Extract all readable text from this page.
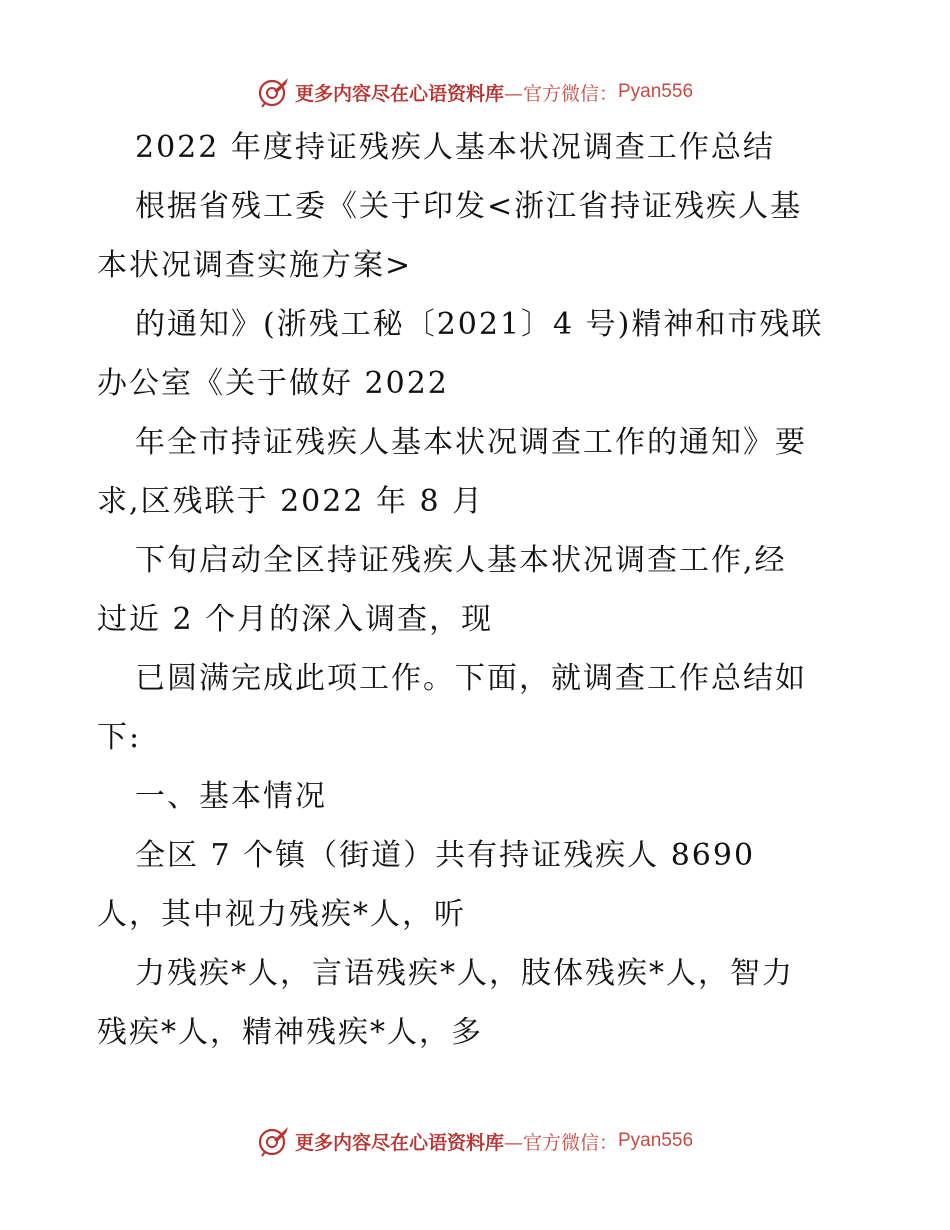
更多内容尽在心语资料库 —官方微信： Pyan556
2022 年度持证残疾人基本状况调查工作总结
根据省残工委《关于印发<浙江省持证残疾人基
本状况调查实施方案>
的通知》(浙残工秘〔2021〕4 号)精神和市残联
办公室《关于做好 2022
年全市持证残疾人基本状况调查工作的通知》要
求,区残联于 2022 年 8 月
下旬启动全区持证残疾人基本状况调查工作,经
过近 2 个月的深入调查，现
已圆满完成此项工作。下面，就调查工作总结如
下:
一、基本情况
全区 7 个镇（街道）共有持证残疾人 8690
人，其中视力残疾*人，听
力残疾*人，言语残疾*人，肢体残疾*人，智力
残疾*人，精神残疾*人，多
更多内容尽在心语资料库 —官方微信： Pyan556
